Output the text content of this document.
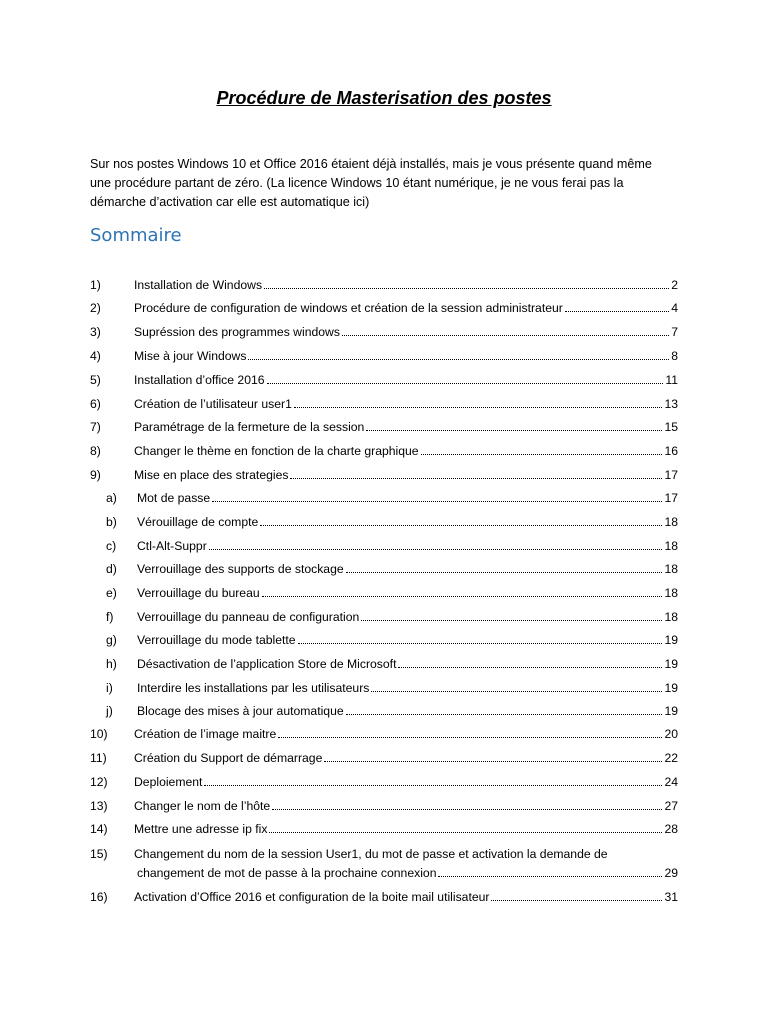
Procédure de Masterisation des postes
Sur nos postes Windows 10 et Office 2016 étaient déjà installés, mais je vous présente quand même
une procédure partant de zéro. (La licence Windows 10 étant numérique, je ne vous ferai pas la
démarche d’activation car elle est automatique ici)
Sommaire
1)	Installation de Windows	2
2)	Procédure de configuration de windows et création de la session administrateur	4
3)	Supréssion des programmes windows	7
4)	Mise à jour Windows	8
5)	Installation d’office 2016	11
6)	Création de l’utilisateur user1	13
7)	Paramétrage de la fermeture de la session	15
8)	Changer le thème en fonction de la charte graphique	16
9)	Mise en place des strategies	17
a) Mot de passe	17
b) Vérouillage de compte	18
c) Ctl-Alt-Suppr	18
d) Verrouillage des supports de stockage	18
e) Verrouillage du bureau	18
f) Verrouillage du panneau de configuration	18
g) Verrouillage du mode tablette	19
h) Désactivation de l’application Store de Microsoft	19
i) Interdire les installations par les utilisateurs	19
j) Blocage des mises à jour automatique	19
10) Création de l’image maitre	20
11) Création du Support de démarrage	22
12) Deploiement	24
13) Changer le nom de l’hôte	27
14) Mettre une adresse ip fix	28
15) Changement du nom de la session User1, du mot de passe et activation la demande de
changement de mot de passe à la prochaine connexion	29
16) Activation d’Office 2016 et configuration de la boite mail utilisateur	31
